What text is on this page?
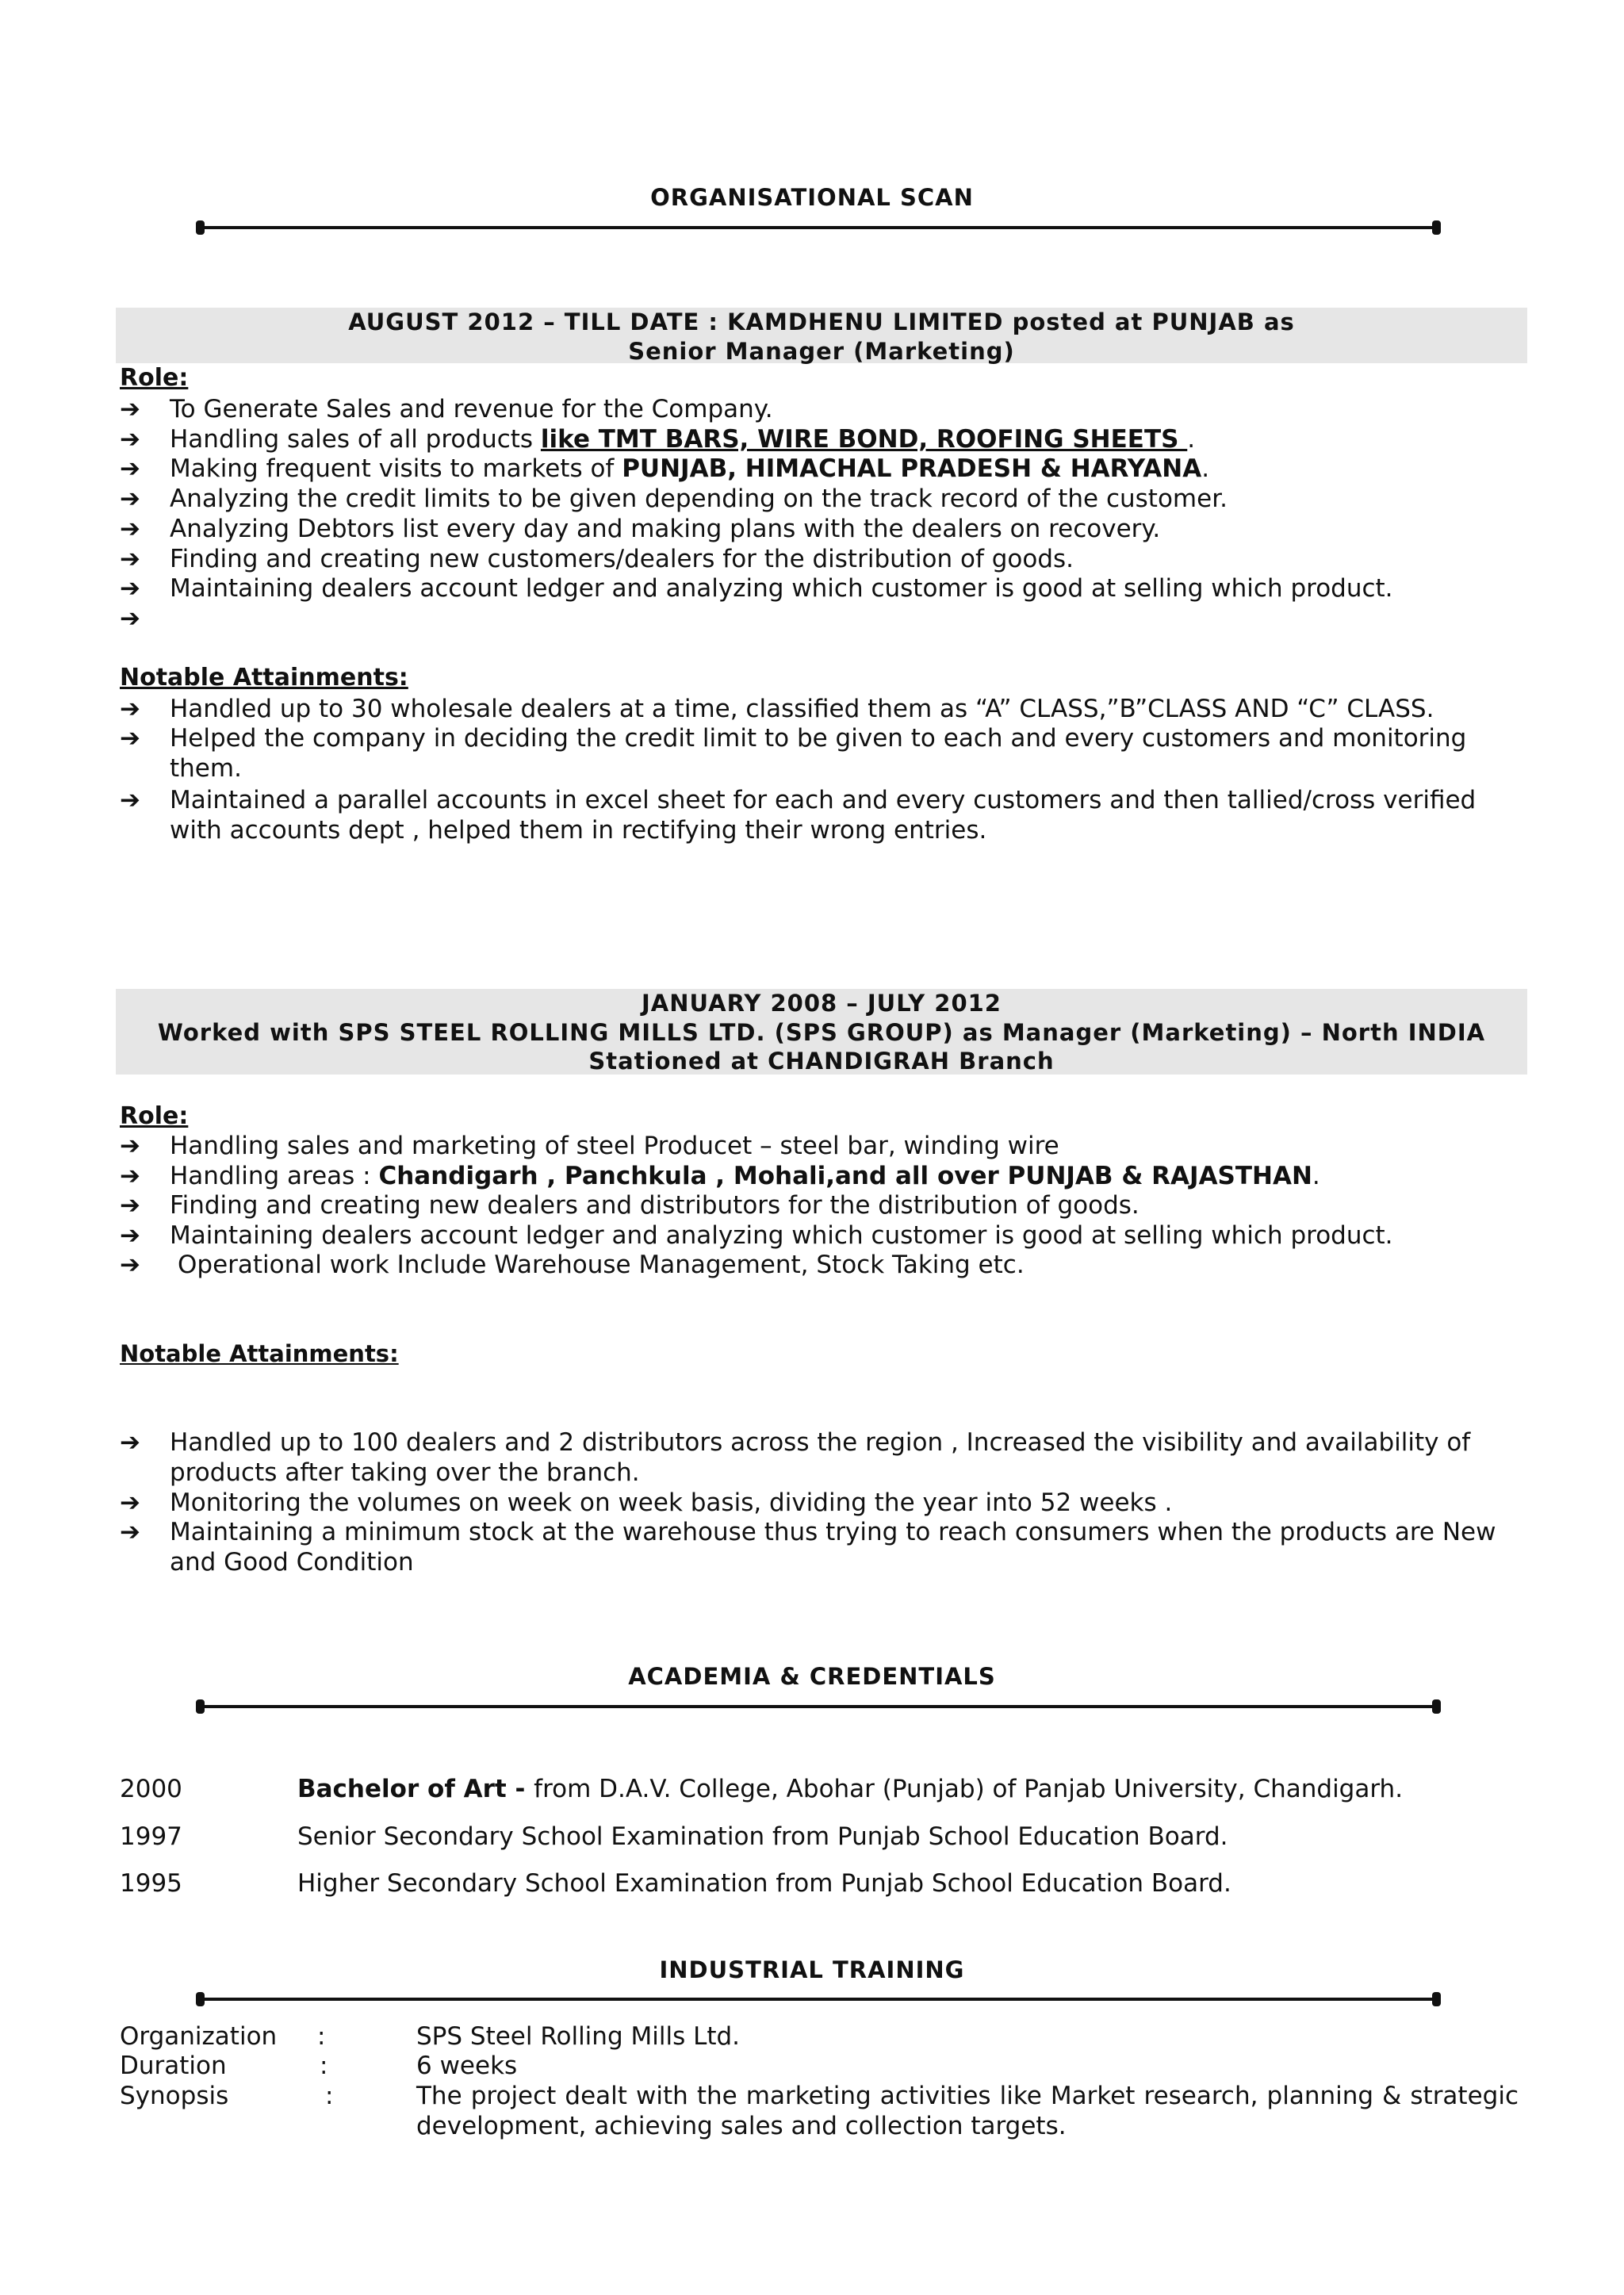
ORGANISATIONAL SCAN
AUGUST 2012 – TILL DATE : KAMDHENU LIMITED posted at PUNJAB as
Senior Manager (Marketing)
Role:
➔	To Generate Sales and revenue for the Company.
➔	Handling sales of all products like TMT BARS, WIRE BOND, ROOFING SHEETS .
➔	Making frequent visits to markets of PUNJAB, HIMACHAL PRADESH & HARYANA.
➔	Analyzing the credit limits to be given depending on the track record of the customer.
➔	Analyzing Debtors list every day and making plans with the dealers on recovery.
➔	Finding and creating new customers/dealers for the distribution of goods.
➔	Maintaining dealers account ledger and analyzing which customer is good at selling which product.
➔
Notable Attainments:
➔	Handled up to 30 wholesale dealers at a time, classified them as “A” CLASS,”B”CLASS AND “C” CLASS.
➔	Helped the company in deciding the credit limit to be given to each and every customers and monitoring them.
➔	Maintained a parallel accounts in excel sheet for each and every customers and then tallied/cross verified with accounts dept , helped them in rectifying their wrong entries.
JANUARY 2008 – JULY 2012
Worked with SPS STEEL ROLLING MILLS LTD. (SPS GROUP) as Manager (Marketing) – North INDIA
Stationed at CHANDIGRAH Branch
Role:
➔	Handling sales and marketing of steel Producet – steel bar, winding wire
➔	Handling areas : Chandigarh , Panchkula , Mohali,and all over PUNJAB & RAJASTHAN.
➔	Finding and creating new dealers and distributors for the distribution of goods.
➔	Maintaining dealers account ledger and analyzing which customer is good at selling which product.
➔	Operational work Include Warehouse Management, Stock Taking etc.
Notable Attainments:
➔	Handled up to 100 dealers and 2 distributors across the region , Increased the visibility and availability of products after taking over the branch.
➔	Monitoring the volumes on week on week basis, dividing the year into 52 weeks .
➔	Maintaining a minimum stock at the warehouse thus trying to reach consumers when the products are New and Good Condition
ACADEMIA & CREDENTIALS
2000	Bachelor of Art - from D.A.V. College, Abohar (Punjab) of Panjab University, Chandigarh.
1997	Senior Secondary School Examination from Punjab School Education Board.
1995	Higher Secondary School Examination from Punjab School Education Board.
INDUSTRIAL TRAINING
Organization :	SPS Steel Rolling Mills Ltd.
Duration	:	6 weeks
Synopsis	:	The project dealt with the marketing activities like Market research, planning & strategic development, achieving sales and collection targets.
